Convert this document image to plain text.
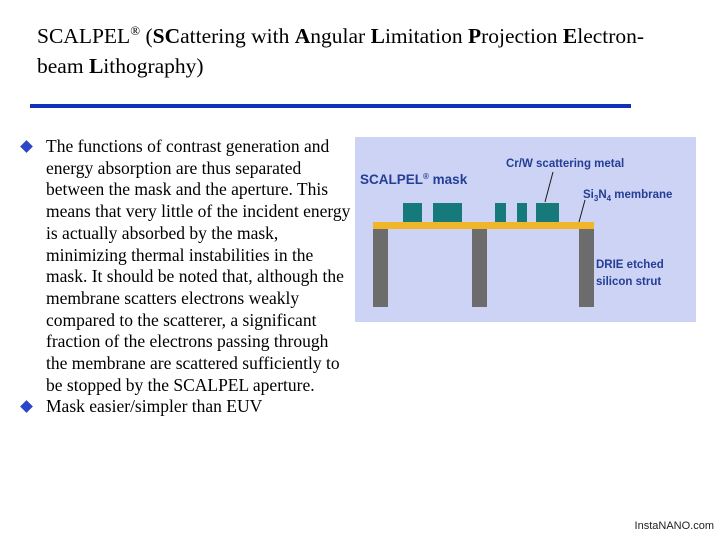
SCALPEL® (SCattering with Angular Limitation Projection Electron-beam Lithography)
The functions of contrast generation and energy absorption are thus separated between the mask and the aperture. This means that very little of the incident energy is actually absorbed by the mask, minimizing thermal instabilities in the mask. It should be noted that, although the membrane scatters electrons weakly compared to the scatterer, a significant fraction of the electrons passing through the membrane are scattered sufficiently to be stopped by the SCALPEL aperture.
Mask easier/simpler than EUV
Cr/W scattering metal
SCALPEL® mask
$Si_3N_4$ membrane
DRIE etched
silicon strut
InstaNANO.com
